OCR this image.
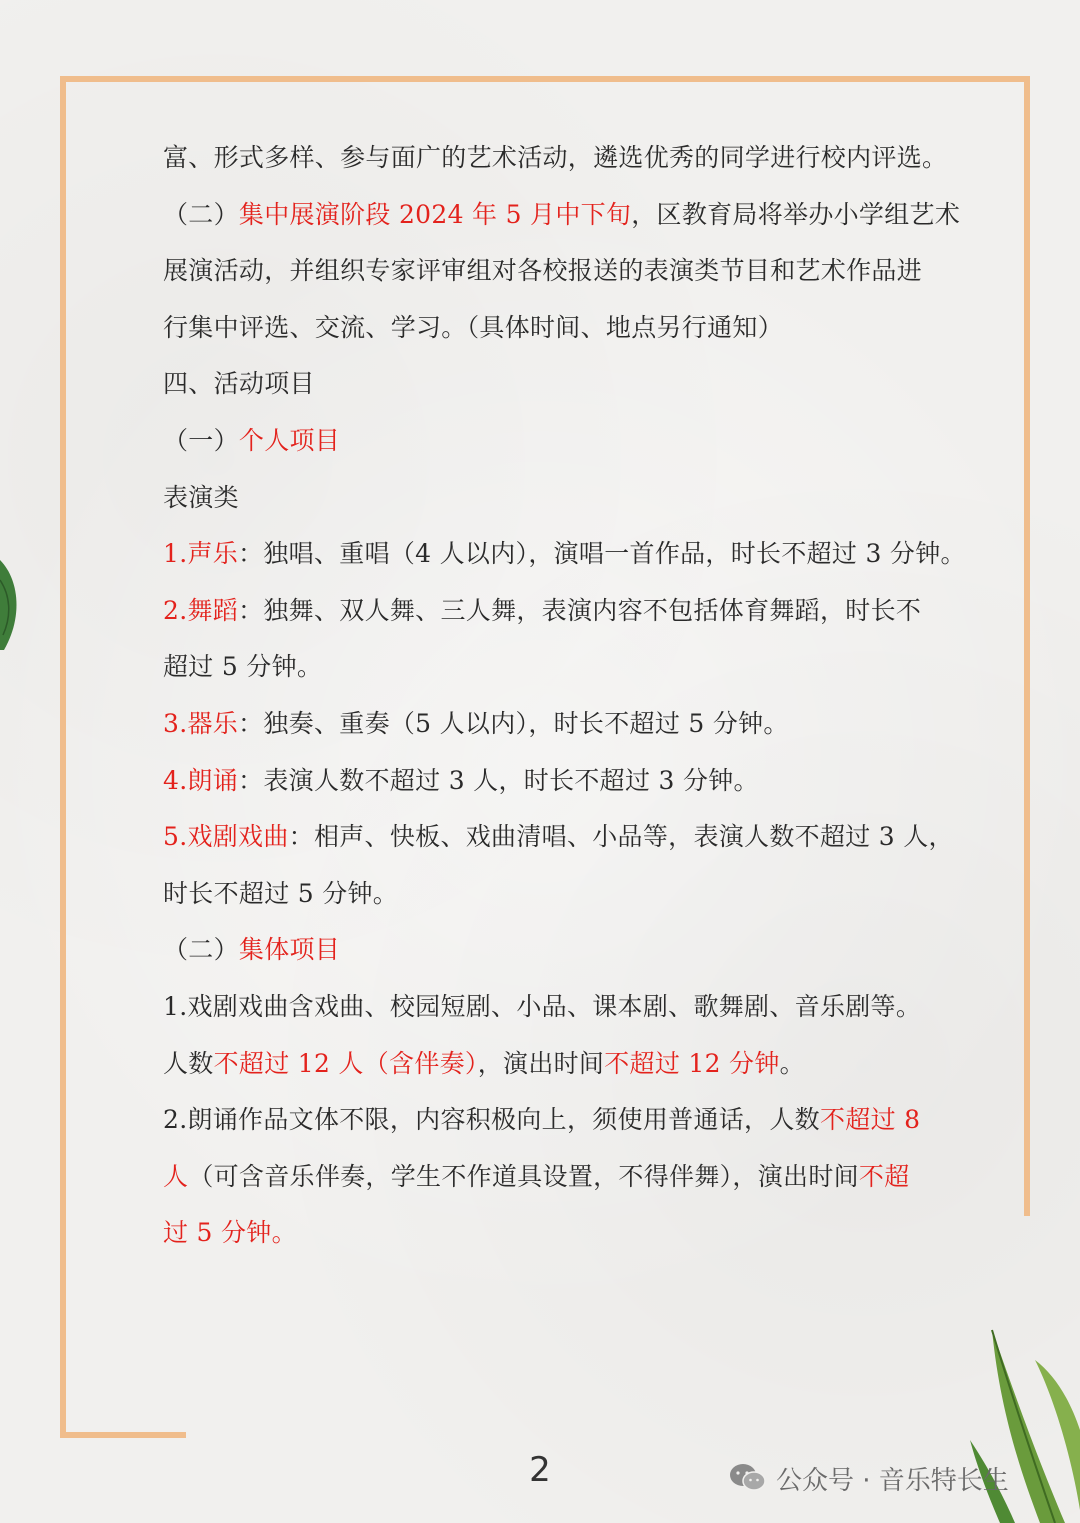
富、形式多样、参与面广的艺术活动，遴选优秀的同学进行校内评选。
（二）集中展演阶段 2024 年 5 月中下旬，区教育局将举办小学组艺术
展演活动，并组织专家评审组对各校报送的表演类节目和艺术作品进
行集中评选、交流、学习。（具体时间、地点另行通知）
四、活动项目
（一）个人项目
表演类
1.声乐：独唱、重唱（4 人以内），演唱一首作品，时长不超过 3 分钟。
2.舞蹈：独舞、双人舞、三人舞，表演内容不包括体育舞蹈，时长不
超过 5 分钟。
3.器乐：独奏、重奏（5 人以内），时长不超过 5 分钟。
4.朗诵：表演人数不超过 3 人，时长不超过 3 分钟。
5.戏剧戏曲：相声、快板、戏曲清唱、小品等，表演人数不超过 3 人，
时长不超过 5 分钟。
（二）集体项目
1.戏剧戏曲含戏曲、校园短剧、小品、课本剧、歌舞剧、音乐剧等。
人数不超过 12 人（含伴奏），演出时间不超过 12 分钟。
2.朗诵作品文体不限，内容积极向上，须使用普通话，人数不超过 8
人（可含音乐伴奏，学生不作道具设置，不得伴舞），演出时间不超
过 5 分钟。
2	公众号 · 音乐特长生
